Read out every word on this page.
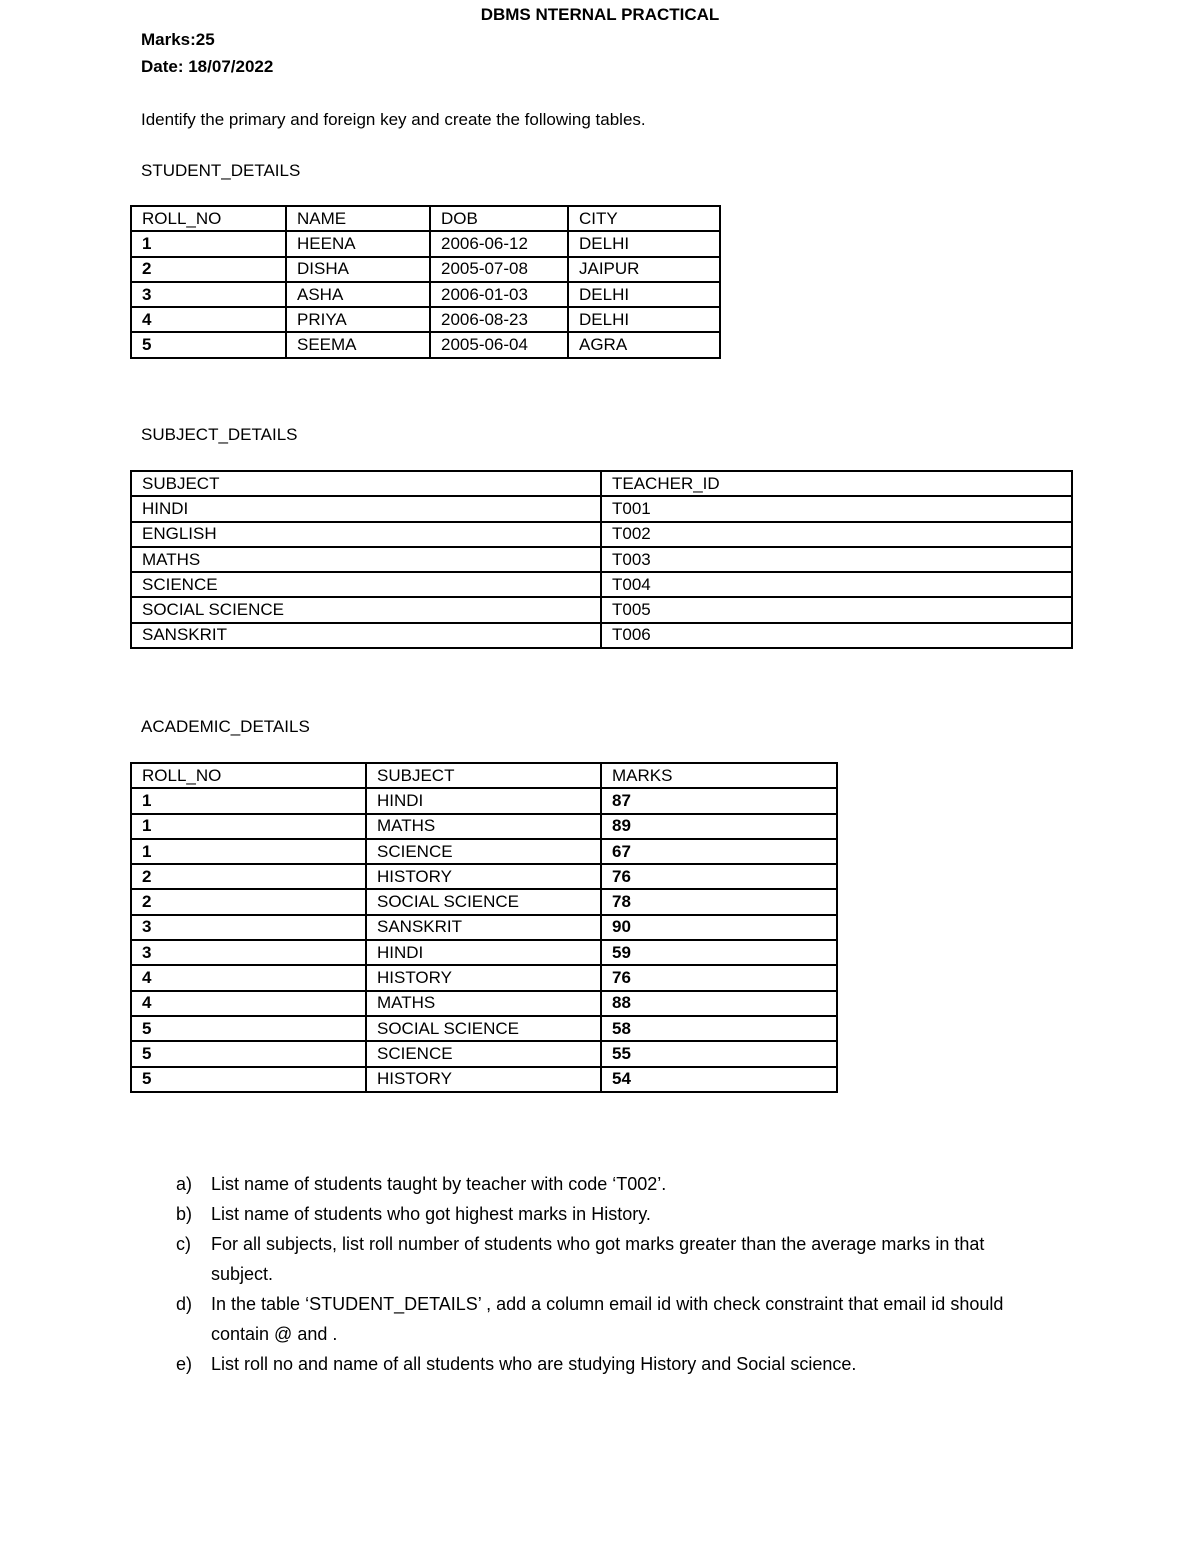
DBMS NTERNAL PRACTICAL
Marks:25
Date: 18/07/2022
Identify the primary and foreign key and create the following tables.
STUDENT_DETAILS
ROLL_NO	NAME	DOB	CITY
1	HEENA	2006-06-12	DELHI
2	DISHA	2005-07-08	JAIPUR
3	ASHA	2006-01-03	DELHI
4	PRIYA	2006-08-23	DELHI
5	SEEMA	2005-06-04	AGRA
SUBJECT_DETAILS
SUBJECT	TEACHER_ID
HINDI	T001
ENGLISH	T002
MATHS	T003
SCIENCE	T004
SOCIAL SCIENCE	T005
SANSKRIT	T006
ACADEMIC_DETAILS
ROLL_NO	SUBJECT	MARKS
1	HINDI	87
1	MATHS	89
1	SCIENCE	67
2	HISTORY	76
2	SOCIAL SCIENCE	78
3	SANSKRIT	90
3	HINDI	59
4	HISTORY	76
4	MATHS	88
5	SOCIAL SCIENCE	58
5	SCIENCE	55
5	HISTORY	54
a) List name of students taught by teacher with code ‘T002’.
b) List name of students who got highest marks in History.
c) For all subjects, list roll number of students who got marks greater than the average marks in that subject.
d) In the table ‘STUDENT_DETAILS’ , add a column email id with check constraint that email id should contain @ and .
e) List roll no and name of all students who are studying History and Social science.
